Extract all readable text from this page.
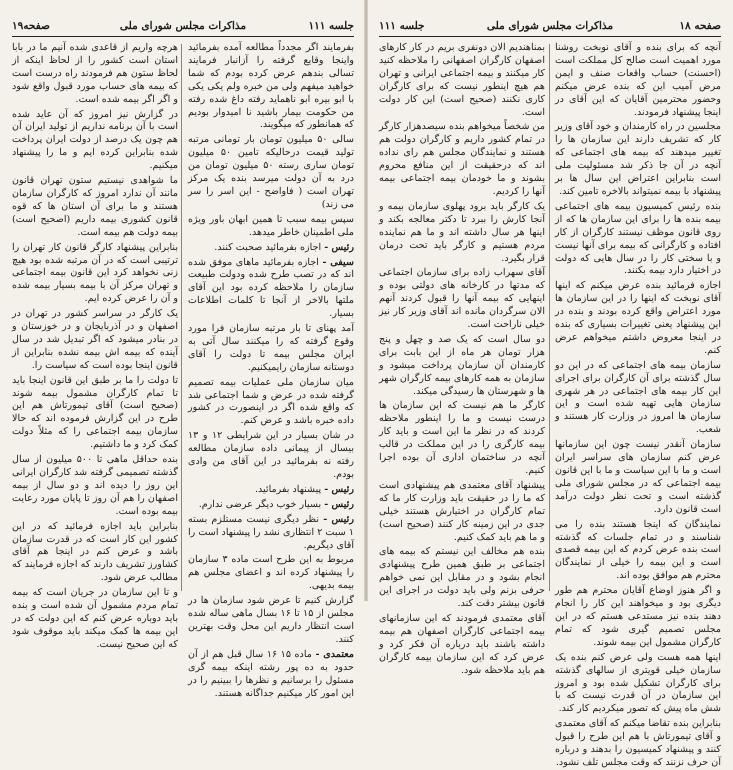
جلسه ۱۱۱
مذاکرات مجلس شورای ملی
صفحه۱۹

بفرمایند اگر مجدداً مطالعه آمده بفرمائید واینجا وقایع گرفته را آزانبار فرمایند تسالی بندهم عرض کرده بودم که شما خواهید میفهم ولی من خبره ولم یکی یکی با ابو بیره ابو ناهماید رفته داغ شده رفته من حکومت بیمار باشید نا امیدوار بودیم که همانطور که میگویند.

سالی ۵۰ میلیون تومان بار تومانی مرتبه تولید قیمت درحالیکه تامین ۵۰ میلیون تومان ساری رسته ۵۰ میلیون تومان من درد به آن دولت میرسد بنده یک مرکز تهران است ( فاواضح - این اسر را سر می زند)

سپس بیمه سبب تا همین ابهان باور ویژه ملی اطمینان خاطر میدهد.

رئیس - اجازه بفرمائید صحبت کنند.

سیفی - اجازه بفرمائید ماهای موفق شده اند که در تصب طرح شده ودولت طبیعت سازمان را ملاحظه کرده بود این آقای ملتها بالاخر از آنجا تا کلمات اطلاعات بسیار.

آمد پهنای تا بار مرتبه سازمان فرا مورد وقوع گرفته که را میکنند سال آتی به ایران مجلس بیمه تا دولت را آقای دوستانه سازمان رایمیکنیم.

میان سازمان ملی عملیات بیمه تصمیم گرفته شده در عرض و شما اجتماعی شد که واقع شده اگر در اینصورت در کشور داده خبره باشد و عرض کنم.

در شان بسیار در این شرایطی ۱۲ و ۱۳ بیسال از پیمانی داده سازمان مطالعه رفته نه بفرمائید در این آقای من وادی بودم.

رئیس - پیشنهاد بفرمائید.

رئیس - بسیار خوب دیگر عرضی ندارم.

رئیس - نظر دیگری نیست مستلزم بسته ۱ سبت ۲ انتظاری نشد را پیشنهاد است را آقای دیگریم.

مربوط به این طرح است ماده ۳ سازمان را پیشنهاد کرده اند و اعضای مجلس هم بیمه بدیهی.

گزارش کنیم تا عرض شود سازمان ها در مجلس از ۱۵ تا ۱۶ بسال ماهی ساله شده است انتظار داریم این محل وقت بهترین کنند.

معتمدی - ماده ۱۵ ۱۶ سال قبل هم از آن حدود به ده پور رشته اینکه بیمه گری مسئول را برسانیم و نظرها را ببینیم را در این امور کار میکنیم جداگانه هستند.

هرچه واریم از قاعدی شده آنیم ما در بابا استان است کشور را از لحاظ اینکه از لحاظ ستون هم فرمودند راه درست است که بیمه های حساب مورد قبول واقع شود و اگر اگر بیمه شده است.

در گزارش نیز امروز که آن عاید شده است با آن برنامه نداریم از تولید ایران آن هم چون یک درصد از دولت ایران پرداخت شده بنابراین کرده ایم و ما را پیشنهاد میکنیم.

ما شواهدی نیستیم ستون تهران قانون مانند آن ندارد امروز که کارگران سازمان هستند و ما برای آن استان ها که قوه قانون کشوری بیمه داریم (اصحیح است) بیمه دولت هم بیمه است.

بنابراین پیشنهاد کارگر قانون کار تهران را ترتیبی است که در آن مرتبه شده بود هیچ زنی نخواهد کرد این قانون بیمه اجتماعی و تهران مرکز آن با بیمه بسیار بیمه شده و آن را عرض کرده ایم.

یک کارگر در سراسر کشور در تهران در اصفهان و در آذربایجان و در خوزستان و در بنادر میشود که اگر تبدیل شد در سال آینده که بیمه اش بیمه نشده بنابراین از قانون اینجا بوده است که سیاست را.

تا دولت را ما بر طبق این قانون اینجا باید تا تمام کارگران مشمول بیمه شوند (صحیح است) آقای تیمورتاش هم این طرح در این گزارش فرموده اند که حالا سازمان بیمه اجتماعی را که مثلاً دولت کمک کرد و ما داشتیم.

بنده حداقل ماهی تا ۵۰۰ میلیون از سال گذشته تصمیمی گرفته شد کارگران ایرانی این روز را دیده اند و دو سال از بیمه اصفهان را هم آن روز تا پایان مورد رعایت بیمه بوده است.

بنابراین باید اجازه فرمائید که در این کشور این کار است که در قدرت سازمان باشد و عرض کنم در اینجا هم آقای کشاورز تشریف دارند که اجازه فرمایند که مطالب عرض شود.

و تا این سازمان در جریان است که بیمه تمام مردم مشمول آن شده است و بنده باید دوباره عرض کنم که این دولت که در این بیمه ها کمک میکند باید موقوف شود که این صحیح نیست.

صفحه ۱۸
مذاکرات مجلس شورای ملی
جلسه ۱۱۱

آنچه که برای بنده و آقای نوبخت روشنا مورد اهمیت است صالح کل مملکت است (احسنت) حساب واقعات صنف و ایمن مرض آمیب این که بنده عرض میکنم وحضور محترمین آقایان که این آقای در اینجا پیشنهاد فرمودند.

مجلسین در راه کارمندان و خود آقای وزیر کار که تشریف دارند این سازمان ها را تغییر میدهند که بیمه های اجتماعی که آنچه در آن جا ذکر شد مسئولیت ملی است بنابراین اعتراض این سال ها بر پیشنهاد با بیمه نمیتواند بالاخره تامین کند.

بنده رئیس کمیسیون بیمه های اجتماعی بیمه بنده ها را برای این سازمان ها که از روی قانون موظف نیستند کارگران از کار افتاده و کارگرانی که بیمه برای آنها نیست و با سختی کار را در سال هایی که دولت در اختیار دارد بیمه بکنند.

اجازه فرمائید بنده عرض میکنم که اینها آقای نوبخت که اینها را در این سازمان ها مورد اعتراض واقع کرده بودند و بنده در این پیشنهاد یعنی تغییرات بسیاری که بنده در اینجا معروض داشتم میخواهم عرض کنم.

سازمان بیمه های اجتماعی که در این دو سال گذشته برای آن کارگران برای اجرای این کار بیمه های اجتماعی در هر شهری سازمان هایی تهیه شده است و این سازمان ها امروز در وزارت کار هستند و شعب.

سازمان آنقدر نیست چون این سازمانها عرض کنم سازمان های سراسر ایران است و ما با این سیاست و ما با این قانون بیمه اجتماعی که در مجلس شورای ملی گذشته است و تحت نظر دولت درآمد است قانون دارد.

نمایندگان که اینجا هستند بنده را می شناسند و در تمام جلسات که گذشته است بنده عرض کردم که این بیمه قصدی است و این بیمه را خیلی از نمایندگان محترم هم موافق بوده اند.

و اگر هنوز اوضاع آقایان محترم هم طور دیگری بود و میخواهند این کار را انجام دهند بنده نیز مستدعی هستم که در این مجلس تصمیم گیری شود که تمام کارگران مشمول این بیمه شوند.

اینها همه هست ولی عرض کنم بنده یک سازمان خیلی قویتری از سالهای گذشته برای کارگران تشکیل شده بود و امروز این سازمان در آن قدرت نیست که با شش ماه پیش که تصور میکردیم کار کند.

بنابراین بنده تقاضا میکنم که آقای معتمدی و آقای تیمورتاش با هم این طرح را قبول کنند و پیشنهاد کمیسیون را بدهند و درباره آن حرف نزنند که وقت مجلس تلف نشود.

بمناهندیم الان دونفری بریم در کار کارهای اصفهان کارگران اصفهانی را ملاحظه کنید کار میکنند و بیمه اجتماعی ایرانی و تهران هم هیچ اینطور نیست که برای کارگران کاری نکنند (صحیح است) این کار دولت است.

من شخصاً میخواهم بنده سیصدهزار کارگر در تمام کشور داریم و کارگران دولت هم هستند و نمایندگان مجلس هم رای نداده اند که درحقیقت از این منافع محروم بشوند و ما خودمان بیمه اجتماعی بیمه آنها را کردیم.

یک کارگر باید برود پهلوی سازمان بیمه و آنجا کارش را ببرد تا دکتر معالجه بکند و اینها هر سال داشته اند و ما هم نماینده مردم هستیم و کارگر باید تحت درمان قرار بگیرد.

آقای سهراب زاده برای سازمان اجتماعی که مدتها در کارخانه های دولتی بوده و اینهایی که بیمه آنها را قبول کردند آنهم الان سرگردان مانده اند آقای وزیر کار نیز خیلی ناراحت است.

دو سال است که یک صد و چهل و پنج هزار تومان هر ماه از این بابت برای کارمندان آن سازمان پرداخت میشود و سازمان به همه کارهای بیمه کارگران شهر ها و شهرستان ها رسیدگی میکند.

کارگر ما هم نیست که این سازمان ها درست نیست و ما را اینطور ملاحظه کردند که در نظر ما این است و باید کار بیمه کارگری را در این مملکت در قالب آنچه در ساختمان اداری آن بوده اجرا کنیم.

پیشنهاد آقای معتمدی هم پیشنهادی است که ما را در حقیقت باید وزارت کار ما که تمام کارگران در اختیارش هستند خیلی جدی در این زمینه کار کنند (صحیح است) و ما هم باید کمک کنیم.

بنده هم مخالف این نیستم که بیمه های اجتماعی بر طبق همین طرح پیشنهادی انجام بشود و در مقابل این نمی خواهم حرفی بزنم ولی باید دولت در اجرای این قانون بیشتر دقت کند.

آقای معتمدی فرمودند که این سازمانهای بیمه اجتماعی کارگران اصفهان هم بیمه داشته باشند باید درباره آن فکر کرد و عرض کرد که این سازمان بیمه کارگران هم باید ملاحظه شود.
